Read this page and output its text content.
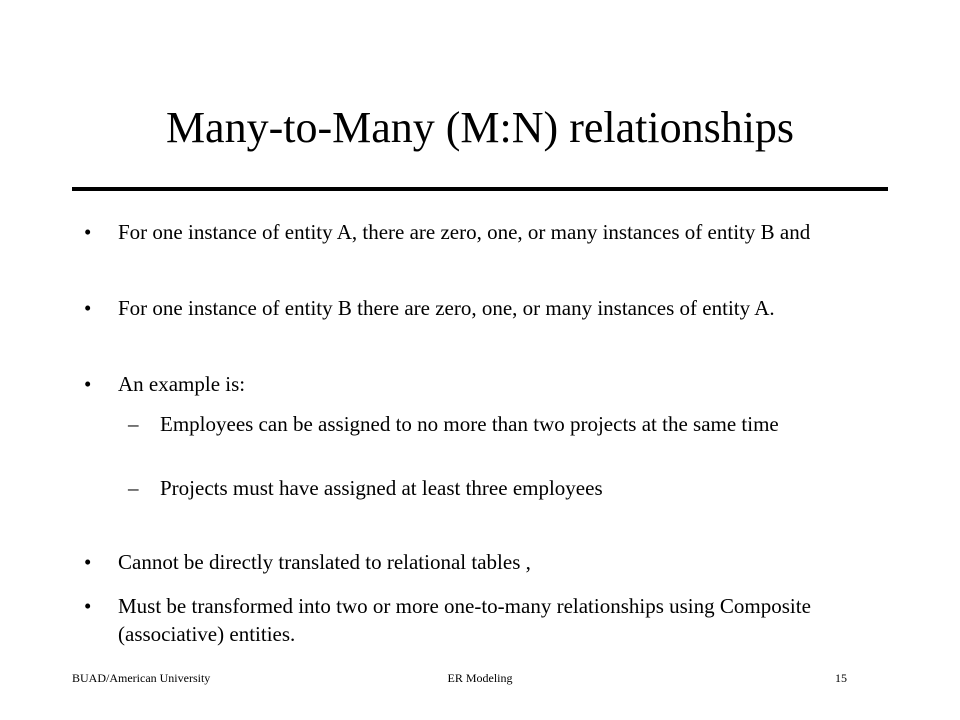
Many-to-Many (M:N) relationships
• For one instance of entity A, there are zero, one, or many instances of entity B and
• For one instance of entity B there are zero, one, or many instances of entity A.
• An example is:
– Employees can be assigned to no more than two projects at the same time
– Projects must have assigned at least three employees
• Cannot be directly translated to relational tables ,
• Must be transformed into two or more one-to-many relationships using Composite (associative) entities.
BUAD/American University	ER Modeling	15
